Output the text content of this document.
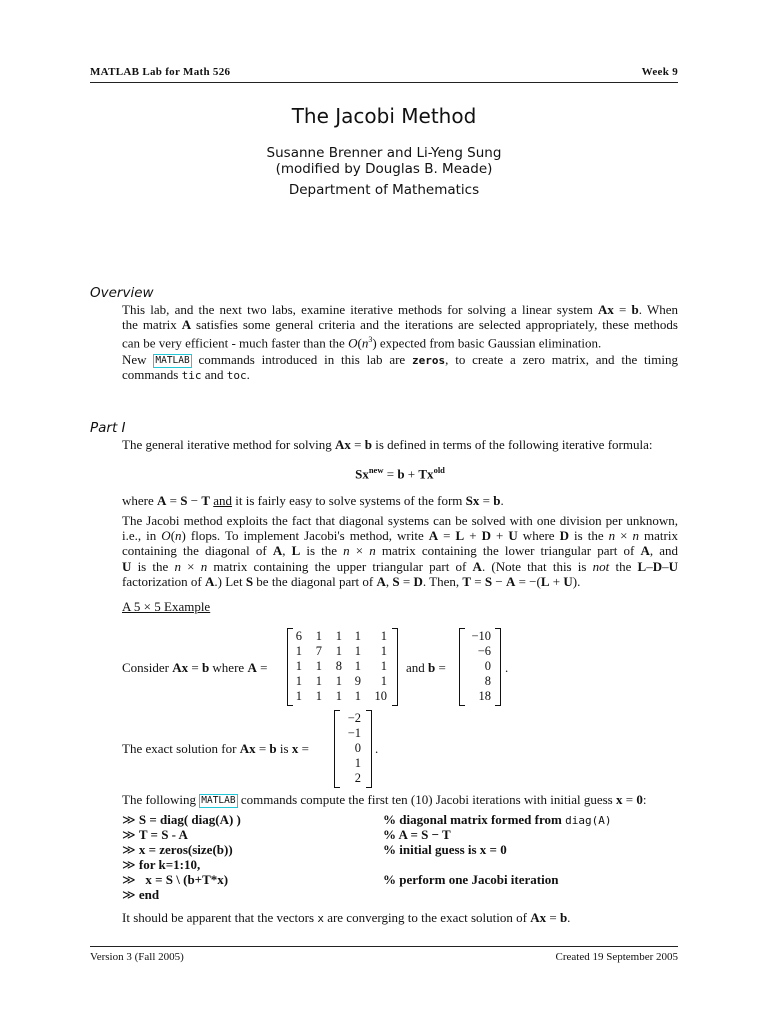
MATLAB Lab for Math 526	Week 9
The Jacobi Method
Susanne Brenner and Li-Yeng Sung
(modified by Douglas B. Meade)
Department of Mathematics
Overview
This lab, and the next two labs, examine iterative methods for solving a linear system Ax = b. When
the matrix A satisfies some general criteria and the iterations are selected appropriately, these methods
can be very efficient - much faster than the $O(n^3)$ expected from basic Gaussian elimination.
New MATLAB commands introduced in this lab are zeros, to create a zero matrix, and the timing
commands tic and toc.
Part I
The general iterative method for solving Ax = b is defined in terms of the following iterative formula:
$Sx^{new} = b + Tx^{old}$
where A = S − T and it is fairly easy to solve systems of the form Sx = b.
The Jacobi method exploits the fact that diagonal systems can be solved with one division per unknown,
i.e., in O(n) flops. To implement Jacobi's method, write A = L + D + U where D is the n × n matrix
containing the diagonal of A, L is the n × n matrix containing the lower triangular part of A, and
U is the n × n matrix containing the upper triangular part of A. (Note that this is not the L–D–U
factorization of A.) Let S be the diagonal part of A, S = D. Then, T = S − A = −(L + U).
A 5 × 5 Example
Consider Ax = b where A =
6 1 1 1 1
1 7 1 1 1
1 1 8 1 1
1 1 1 9 1
1 1 1 1 10
and b =
−10
−6
0
8
18
.
The exact solution for Ax = b is x =
−2
−1
0
1
2
.
The following MATLAB commands compute the first ten (10) Jacobi iterations with initial guess x = 0:
≫ S = diag( diag(A) )	% diagonal matrix formed from diag(A)
≫ T = S - A	% A = S − T
≫ x = zeros(size(b))	% initial guess is x = 0
≫ for k=1:10,
≫   x = S \ (b+T*x)	% perform one Jacobi iteration
≫ end
It should be apparent that the vectors x are converging to the exact solution of Ax = b.
Version 3 (Fall 2005)	Created 19 September 2005
